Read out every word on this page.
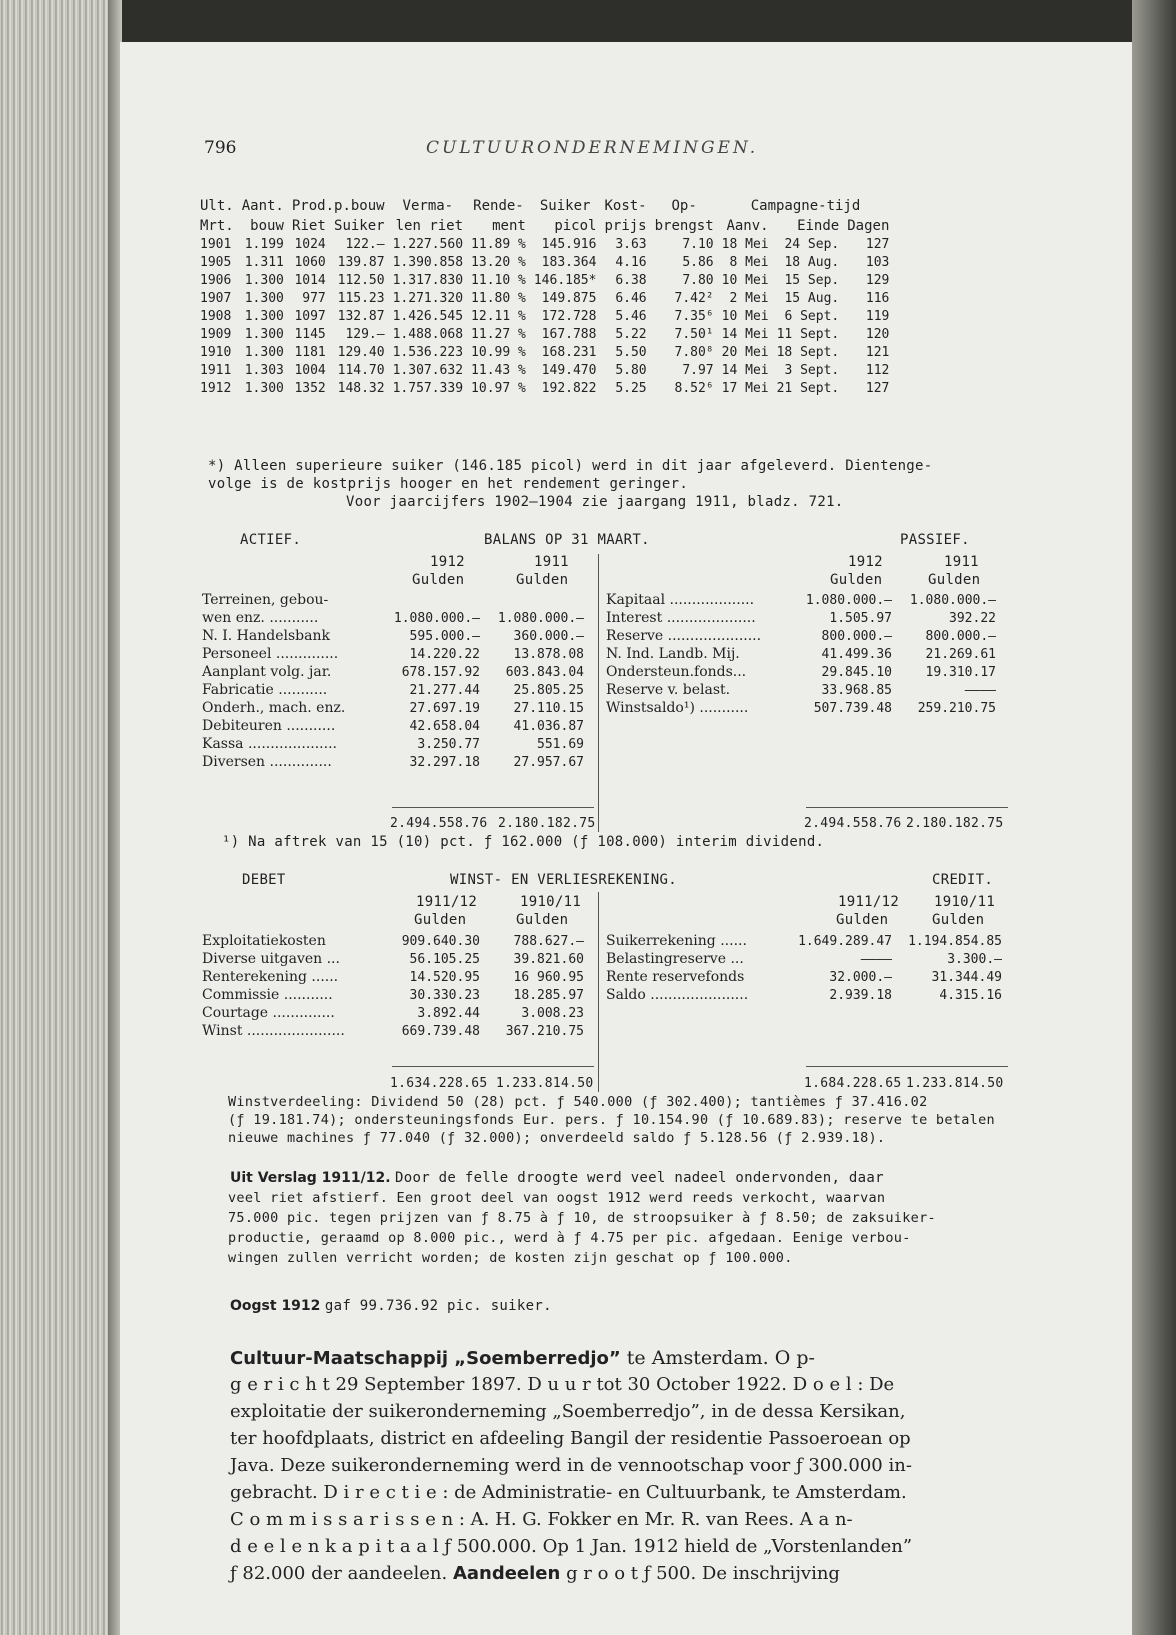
796	CULTUURONDERNEMINGEN.
Ult.	Aant.	Prod.p.bouw		Verma-	Rende-	Suiker	Kost-	Op-	Campagne-tijd		
Mrt.	bouw	Riet	Suiker	len riet	ment	picol	prijs	brengst	Aanv.	Einde	Dagen
1901	1.199	1024	122.—	1.227.560	11.89 %	145.916	3.63	7.10	18 Mei	24 Sep.	127
1905	1.311	1060	139.87	1.390.858	13.20 %	183.364	4.16	5.86	8 Mei	18 Aug.	103
1906	1.300	1014	112.50	1.317.830	11.10 %	146.185*	6.38	7.80	10 Mei	15 Sep.	129
1907	1.300	977	115.23	1.271.320	11.80 %	149.875	6.46	7.42²	2 Mei	15 Aug.	116
1908	1.300	1097	132.87	1.426.545	12.11 %	172.728	5.46	7.35⁶	10 Mei	6 Sept.	119
1909	1.300	1145	129.—	1.488.068	11.27 %	167.788	5.22	7.50¹	14 Mei	11 Sept.	120
1910	1.300	1181	129.40	1.536.223	10.99 %	168.231	5.50	7.80⁸	20 Mei	18 Sept.	121
1911	1.303	1004	114.70	1.307.632	11.43 %	149.470	5.80	7.97	14 Mei	3 Sept.	112
1912	1.300	1352	148.32	1.757.339	10.97 %	192.822	5.25	8.52⁶	17 Mei	21 Sept.	127
*) Alleen superieure suiker (146.185 picol) werd in dit jaar afgeleverd. Dientenge-
volge is de kostprijs hooger en het rendement geringer.
Voor jaarcijfers 1902—1904 zie jaargang 1911, bladz. 721.
ACTIEF.	BALANS OP 31 MAART.	PASSIEF.
1912	1911
Gulden	Gulden
1912	1911
Gulden	Gulden
Terreinen, gebou-
wen enz. ...........	1.080.000.— 1.080.000.—
N. I. Handelsbank	595.000.—	360.000.—
Personeel ..............	14.220.22	13.878.08
Aanplant volg. jar.	678.157.92 603.843.04
Fabricatie ...........	21.277.44	25.805.25
Onderh., mach. enz.	27.697.19	27.110.15
Debiteuren ...........	42.658.04	41.036.87
Kassa ....................	3.250.77	551.69
Diversen ..............	32.297.18	27.957.67
Kapitaal ...................	1.080.000.— 1.080.000.—
Interest ....................	1.505.97	392.22
Reserve .....................	800.000.—	800.000.—
N. Ind. Landb. Mij.	41.499.36	21.269.61
Ondersteun.fonds...	29.845.10	19.310.17
Reserve v. belast.	33.968.85	————
Winstsaldo¹) ...........	507.739.48 259.210.75
2.494.558.76 2.180.182.75	2.494.558.76 2.180.182.75
¹) Na aftrek van 15 (10) pct. ƒ 162.000 (ƒ 108.000) interim dividend.
DEBET	WINST- EN VERLIESREKENING.	CREDIT.
1911/12	1910/11
Gulden	Gulden
1911/12 1910/11
Gulden	Gulden
Exploitatiekosten	909.640.30	788.627.—
Diverse uitgaven ...	56.105.25	39.821.60
Renterekening ......	14.520.95	16 960.95
Commissie ...........	30.330.23	18.285.97
Courtage ..............	3.892.44	3.008.23
Winst ......................	669.739.48 367.210.75
Suikerrekening ......	1.649.289.47 1.194.854.85
Belastingreserve ...	————	3.300.—
Rente reservefonds	32.000.—	31.344.49
Saldo ......................	2.939.18	4.315.16
1.634.228.65 1.233.814.50	1.684.228.65 1.233.814.50
Winstverdeeling: Dividend 50 (28) pct. ƒ 540.000 (ƒ 302.400); tantièmes ƒ 37.416.02
(ƒ 19.181.74); ondersteuningsfonds Eur. pers. ƒ 10.154.90 (ƒ 10.689.83); reserve te betalen
nieuwe machines ƒ 77.040 (ƒ 32.000); onverdeeld saldo ƒ 5.128.56 (ƒ 2.939.18).
Uit Verslag 1911/12. Door de felle droogte werd veel nadeel ondervonden, daar
veel riet afstierf. Een groot deel van oogst 1912 werd reeds verkocht, waarvan
75.000 pic. tegen prijzen van ƒ 8.75 à ƒ 10, de stroopsuiker à ƒ 8.50; de zaksuiker-
productie, geraamd op 8.000 pic., werd à ƒ 4.75 per pic. afgedaan. Eenige verbou-
wingen zullen verricht worden; de kosten zijn geschat op ƒ 100.000.
Oogst 1912 gaf 99.736.92 pic. suiker.
Cultuur-Maatschappij „Soemberredjo” te Amsterdam. O p-
g e r i c h t 29 September 1897. D u u r tot 30 October 1922. D o e l : De
exploitatie der suikeronderneming „Soemberredjo”, in de dessa Kersikan,
ter hoofdplaats, district en afdeeling Bangil der residentie Passoeroean op
Java. Deze suikeronderneming werd in de vennootschap voor ƒ 300.000 in-
gebracht. D i r e c t i e : de Administratie- en Cultuurbank, te Amsterdam.
C o m m i s s a r i s s e n : A. H. G. Fokker en Mr. R. van Rees. A a n-
d e e l e n k a p i t a a l ƒ 500.000. Op 1 Jan. 1912 hield de „Vorstenlanden”
ƒ 82.000 der aandeelen. Aandeelen g r o o t ƒ 500. De inschrijving
